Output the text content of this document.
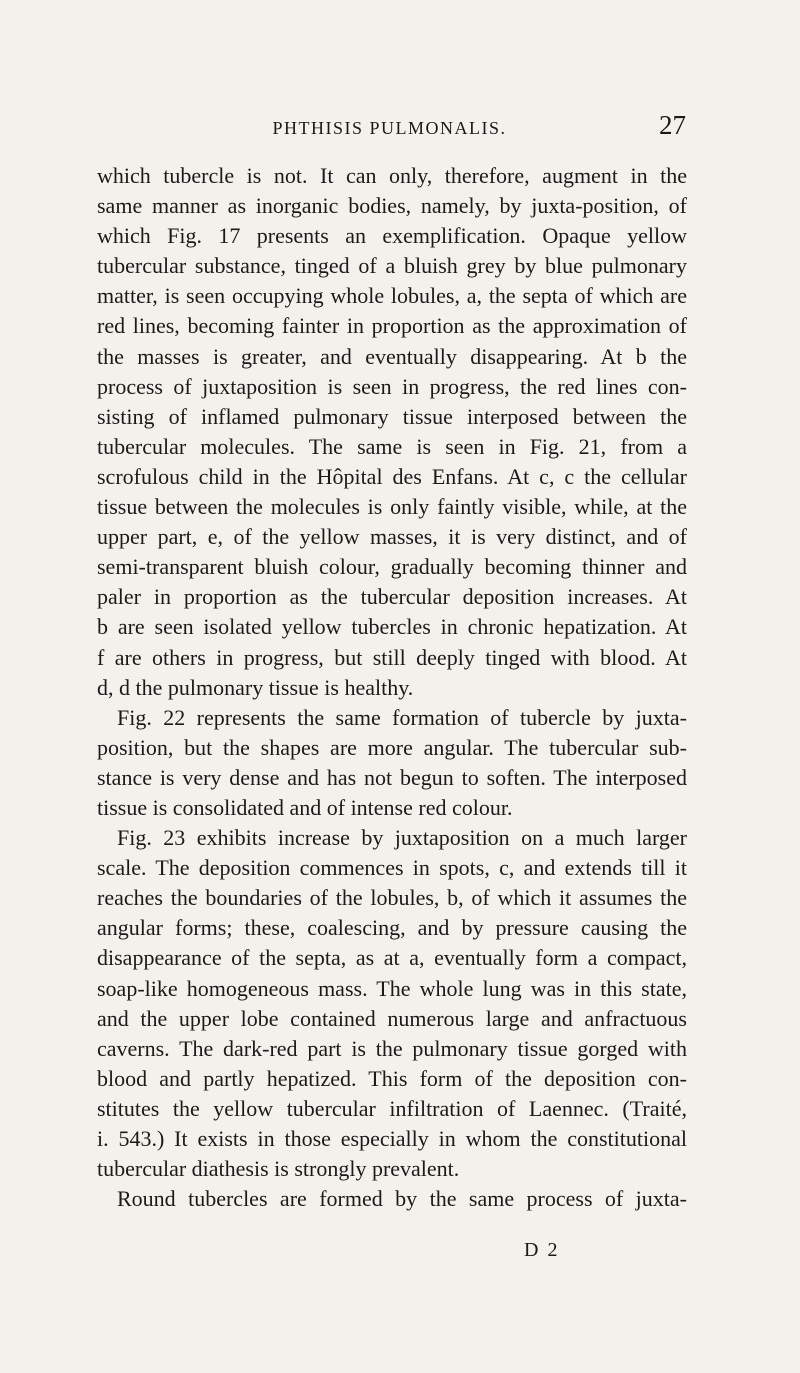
PHTHISIS PULMONALIS.	27
which tubercle is not. It can only, therefore, augment in the
same manner as inorganic bodies, namely, by juxta-position, of
which Fig. 17 presents an exemplification. Opaque yellow
tubercular substance, tinged of a bluish grey by blue pulmonary
matter, is seen occupying whole lobules, a, the septa of which are
red lines, becoming fainter in proportion as the approximation of
the masses is greater, and eventually disappearing. At b the
process of juxtaposition is seen in progress, the red lines con-
sisting of inflamed pulmonary tissue interposed between the
tubercular molecules. The same is seen in Fig. 21, from a
scrofulous child in the Hôpital des Enfans. At c, c the cellular
tissue between the molecules is only faintly visible, while, at the
upper part, e, of the yellow masses, it is very distinct, and of
semi-transparent bluish colour, gradually becoming thinner and
paler in proportion as the tubercular deposition increases. At
b are seen isolated yellow tubercles in chronic hepatization. At
f are others in progress, but still deeply tinged with blood. At
d, d the pulmonary tissue is healthy.
Fig. 22 represents the same formation of tubercle by juxta-
position, but the shapes are more angular. The tubercular sub-
stance is very dense and has not begun to soften. The interposed
tissue is consolidated and of intense red colour.
Fig. 23 exhibits increase by juxtaposition on a much larger
scale. The deposition commences in spots, c, and extends till it
reaches the boundaries of the lobules, b, of which it assumes the
angular forms; these, coalescing, and by pressure causing the
disappearance of the septa, as at a, eventually form a compact,
soap-like homogeneous mass. The whole lung was in this state,
and the upper lobe contained numerous large and anfractuous
caverns. The dark-red part is the pulmonary tissue gorged with
blood and partly hepatized. This form of the deposition con-
stitutes the yellow tubercular infiltration of Laennec. (Traité,
i. 543.) It exists in those especially in whom the constitutional
tubercular diathesis is strongly prevalent.
Round tubercles are formed by the same process of juxta-
D 2
